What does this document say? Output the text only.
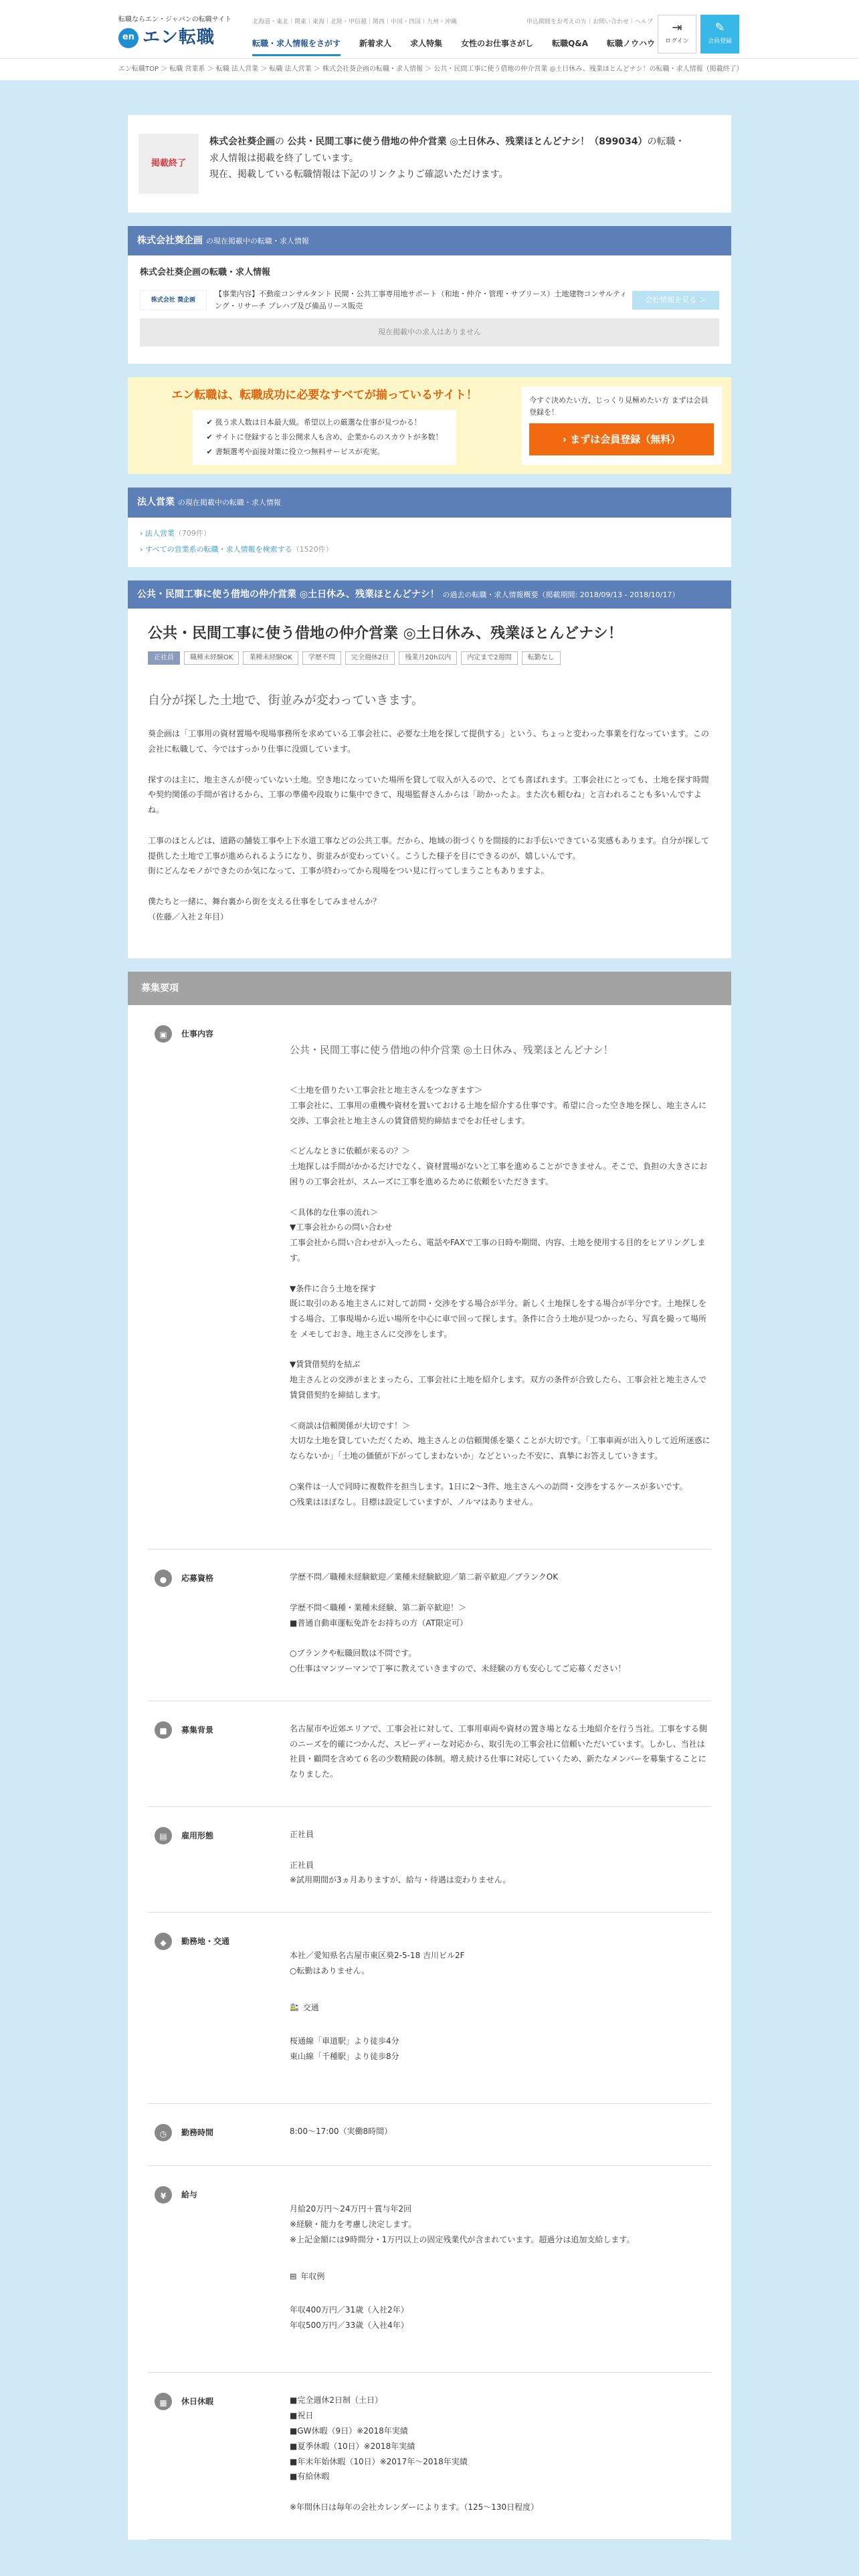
転職ならエン・ジャパンの転職サイト
en エン転職
北海道・東北｜関東｜東海｜北陸・甲信越｜関西｜中国・四国｜九州・沖縄	申込期間をお考えの方｜お問い合わせ｜ヘルプ
転職・求人情報をさがす 新着求人 求人特集 女性のお仕事さがし 転職Q&A 転職ノウハウ
⇥
ログイン
✎
会員登録
エン転職TOP ＞ 転職 営業系 ＞ 転職 法人営業 ＞ 転職 法人営業 ＞ 株式会社葵企画の転職・求人情報 ＞ 公共・民間工事に使う借地の仲介営業 ◎土日休み、残業ほとんどナシ！の転職・求人情報（掲載終了）
掲載終了
株式会社葵企画の 公共・民間工事に使う借地の仲介営業 ◎土日休み、残業ほとんどナシ！（899034）の転職・
求人情報は掲載を終了しています。
現在、掲載している転職情報は下記のリンクよりご確認いただけます。
株式会社葵企画 の現在掲載中の転職・求人情報
株式会社葵企画の転職・求人情報
株式会社 葵企画
【事業内容】不動産コンサルタント 民間・公共工事専用地サポート（和地・仲介・管理・サブリース）土地建物コンサルティング・リサーチ プレハブ及び備品リース販売
会社情報を見る ＞
現在掲載中の求人はありません
エン転職は、転職成功に必要なすべてが揃っているサイト！
✔ 扱う求人数は日本最大級。希望以上の厳選な仕事が見つかる！
✔ サイトに登録すると非公開求人も含め、企業からのスカウトが多数！
✔ 書類選考や面接対策に役立つ無料サービスが充実。
今すぐ決めたい方、じっくり見極めたい方 まずは会員登録を！
› まずは会員登録（無料）
法人営業 の現在掲載中の転職・求人情報
› 法人営業（709件）
› すべての営業系の転職・求人情報を検索する（1520件）
公共・民間工事に使う借地の仲介営業 ◎土日休み、残業ほとんどナシ！ の過去の転職・求人情報概要（掲載期間: 2018/09/13 - 2018/10/17）
公共・民間工事に使う借地の仲介営業 ◎土日休み、残業ほとんどナシ！
正社員	職種未経験OK	業種未経験OK	学歴不問	完全週休2日	残業月20h以内	内定まで2週間	転勤なし
自分が探した土地で、街並みが変わっていきます。
葵企画は「工事用の資材置場や現場事務所を求めている工事会社に、必要な土地を探して提供する」という、ちょっと変わった事業を行なっています。この会社に転職して、今ではすっかり仕事に没頭しています。

探すのは主に、地主さんが使っていない土地。空き地になっていた場所を貸して収入が入るので、とても喜ばれます。工事会社にとっても、土地を探す時間や契約関係の手間が省けるから、工事の準備や段取りに集中できて、現場監督さんからは「助かったよ。また次も頼むね」と言われることも多いんですよね。

工事のほとんどは、道路の舗装工事や上下水道工事などの公共工事。だから、地域の街づくりを間接的にお手伝いできている実感もあります。自分が探して提供した土地で工事が進められるようになり、街並みが変わっていく。こうした様子を目にできるのが、嬉しいんです。
街にどんなモノができたのか気になって、工事が終わってから現場をつい見に行ってしまうこともありますよ。

僕たちと一緒に、舞台裏から街を支える仕事をしてみませんか？
（佐藤／入社２年目）
募集要項
▣	仕事内容

公共・民間工事に使う借地の仲介営業 ◎土日休み、残業ほとんどナシ！

＜土地を借りたい工事会社と地主さんをつなぎます＞
工事会社に、工事用の重機や資材を置いておける土地を紹介する仕事です。希望に合った空き地を探し、地主さんに交渉、工事会社と地主さんの賃貸借契約締結までをお任せします。

＜どんなときに依頼が来るの？＞
土地探しは手間がかかるだけでなく、資材置場がないと工事を進めることができません。そこで、負担の大きさにお困りの工事会社が、スムーズに工事を進めるために依頼をいただきます。

＜具体的な仕事の流れ＞
▼工事会社からの問い合わせ
工事会社から問い合わせが入ったら、電話やFAXで工事の日時や期間、内容、土地を使用する目的をヒアリングします。

▼条件に合う土地を探す
既に取引のある地主さんに対して訪問・交渉をする場合が半分。新しく土地探しをする場合が半分です。土地探しをする場合、工事現場から近い場所を中心に車で回って探します。条件に合う土地が見つかったら、写真を撮って場所を メモしておき、地主さんに交渉をします。

▼賃貸借契約を結ぶ
地主さんとの交渉がまとまったら、工事会社に土地を紹介します。双方の条件が合致したら、工事会社と地主さんで賃貸借契約を締結します。

＜商談は信頼関係が大切です！＞
大切な土地を貸していただくため、地主さんとの信頼関係を築くことが大切です。「工事車両が出入りして近所迷惑にならないか」「土地の価値が下がってしまわないか」などといった不安に、真摯にお答えしていきます。

○案件は一人で同時に複数件を担当します。1日に2～3件、地主さんへの訪問・交渉をするケースが多いです。
○残業はほぼなし。目標は設定していますが、ノルマはありません。

●	応募資格	学歴不問／職種未経験歓迎／業種未経験歓迎／第二新卒歓迎／ブランクOK

学歴不問＜職種・業種未経験、第二新卒歓迎！＞
■普通自動車運転免許をお持ちの方（AT限定可）

○ブランクや転職回数は不問です。
○仕事はマンツーマンで丁寧に教えていきますので、未経験の方も安心してご応募ください！
■	募集背景	名古屋市や近郊エリアで、工事会社に対して、工事用車両や資材の置き場となる土地紹介を行う当社。工事をする側のニーズを的確につかんだ、スピーディーな対応から、取引先の工事会社に信頼いただいています。しかし、当社は社員・顧問を含めて６名の少数精鋭の体制。増え続ける仕事に対応していくため、新たなメンバーを募集することになりました。
▤	雇用形態	正社員

正社員
※試用期間が3ヵ月ありますが、給与・待遇は変わりません。
◆	勤務地・交通

本社／愛知県名古屋市東区葵2-5-18 吉川ビル2F
○転勤はありません。

🚉 交通

桜通線「車道駅」より徒歩4分
東山線「千種駅」より徒歩8分

◷	勤務時間	8:00～17:00（実働8時間）
¥	給与

月給20万円～24万円＋賞与年2回
※経験・能力を考慮し決定します。
※上記金額には9時間分・1万円以上の固定残業代が含まれています。超過分は追加支給します。

▤ 年収例

年収400万円／31歳（入社2年）
年収500万円／33歳（入社4年）

▦	休日休暇	■完全週休2日制（土日）
■祝日
■GW休暇（9日）※2018年実績
■夏季休暇（10日）※2018年実績
■年末年始休暇（10日）※2017年～2018年実績
■有給休暇

※年間休日は毎年の会社カレンダーによります。（125～130日程度）
